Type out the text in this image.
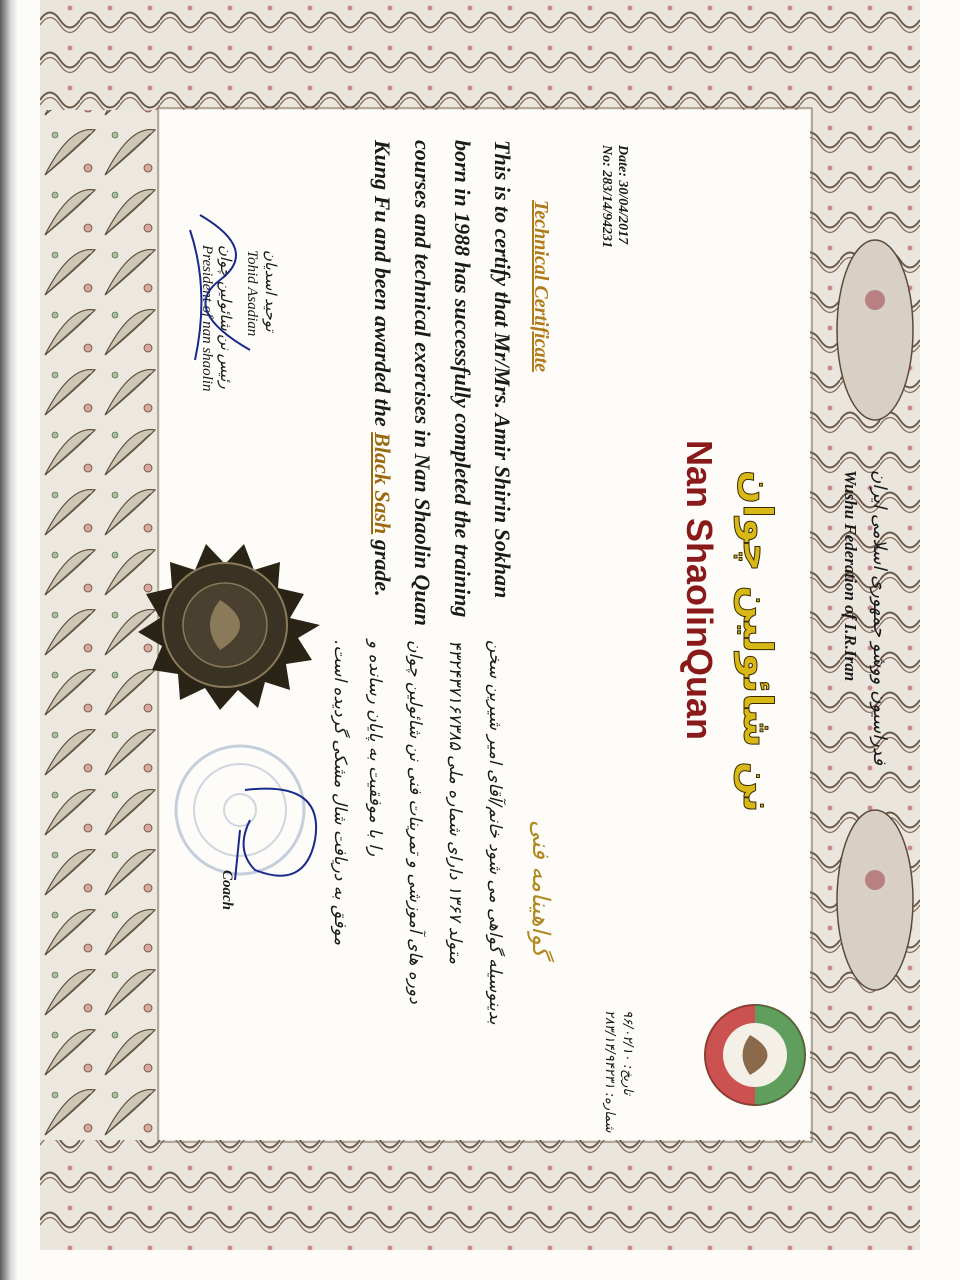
فدراسیون ووشو جمهوری اسلامی ایران
Wushu Federation of I.R.Iran
نن شائولین چوان
Nan ShaolinQuan
Date: 30/04/2017
No: 283/14/94231
Technical Certificate
This is to certify that Mr/Mrs. Amir Shirin Sokhan
born in 1988 has successfully completed the training
courses and technical exercises in Nan Shaolin Quan
Kung Fu and been awarded the Black Sash grade.
Tohid Asadian توحید اسدیان
President of nan shaolin رئیس نن شائولین چوان
تاریخ: ۹۶/۰۲/۱۰
شماره: ۲۸۳/۱۴/۹۴۲۳۱
گواهینامه فنی
بدینوسیله گواهی می شود خانم/آقای امیر شیرین سخن
متولد ۱۳۶۷ دارای شماره ملی ۴۳۲۴۳۷۱۶۷۳۸۵
دوره های آموزشی و تمرینات فنی نن شائولین چوان
را با موفقیت به پایان رسانده و
موفق به دریافت شال مشکی گردیده است.
Coach
